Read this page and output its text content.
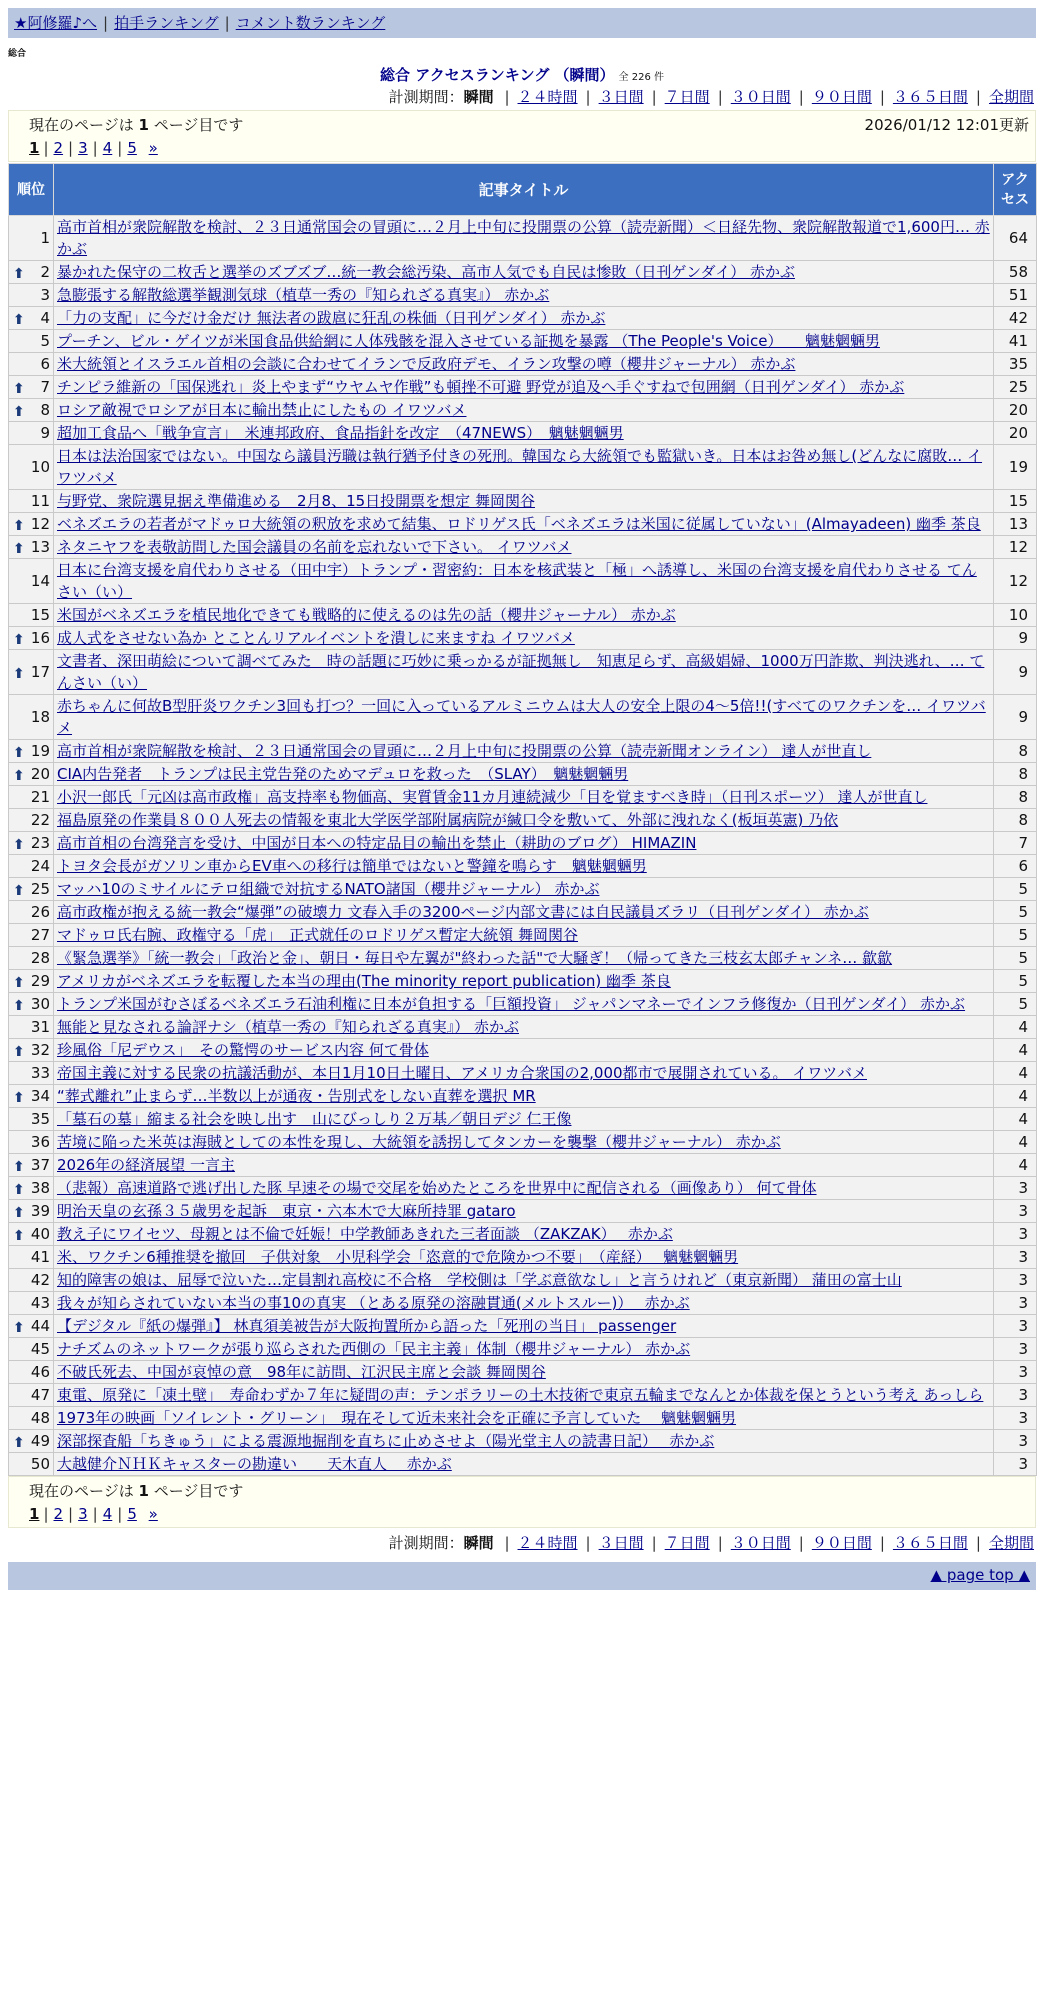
★阿修羅♪へ | 拍手ランキング | コメント数ランキング
総合
総合 アクセスランキング （瞬間） 全 226 件
計測期間：瞬間 | ２４時間 | ３日間 | ７日間 | ３０日間 | ９０日間 | ３６５日間 | 全期間
現在のページは 1 ページ目です	2026/01/12 12:01更新
1 | 2 | 3 | 4 | 5 »
順位	記事タイトル	アクセス
1	高市首相が衆院解散を検討、２３日通常国会の冒頭に…２月上中旬に投開票の公算（読売新聞）＜日経先物、衆院解散報道で1,600円… 赤かぶ	64

⬆ 2	暴かれた保守の二枚舌と選挙のズブズブ…統一教会総汚染、高市人気でも自民は惨敗（日刊ゲンダイ） 赤かぶ	58
3	急膨張する解散総選挙観測気球（植草一秀の『知られざる真実』） 赤かぶ	51

⬆ 4	「力の支配」に今だけ金だけ 無法者の跋扈に狂乱の株価（日刊ゲンダイ） 赤かぶ	42
5	プーチン、ビル・ゲイツが米国食品供給網に人体残骸を混入させている証拠を暴露 （The People's Voice）　　魑魅魍魎男	41
6	米大統領とイスラエル首相の会談に合わせてイランで反政府デモ、イラン攻撃の噂（櫻井ジャーナル） 赤かぶ	35

⬆ 7	チンピラ維新の「国保逃れ」炎上やまず“ウヤムヤ作戦”も頓挫不可避 野党が追及へ手ぐすねで包囲網（日刊ゲンダイ） 赤かぶ	25

⬆ 8	ロシア敵視でロシアが日本に輸出禁止にしたもの イワツバメ	20
9	超加工食品へ「戦争宣言」　米連邦政府、食品指針を改定　（47NEWS）　魑魅魍魎男	20
10	日本は法治国家ではない。中国なら議員汚職は執行猶予付きの死刑。韓国なら大統領でも監獄いき。日本はお咎め無し(どんなに腐敗… イワツバメ	19
11	与野党、衆院選見据え準備進める　2月8、15日投開票を想定 舞岡関谷	15

⬆ 12	ベネズエラの若者がマドゥロ大統領の釈放を求めて結集、ロドリゲス氏「ベネズエラは米国に従属していない」(Almayadeen) 幽季 茶良	13

⬆ 13	ネタニヤフを表敬訪問した国会議員の名前を忘れないで下さい。 イワツバメ	12
14	日本に台湾支援を肩代わりさせる（田中宇）トランプ・習密約：日本を核武装と「極」へ誘導し、米国の台湾支援を肩代わりさせる てんさい（い）	12
15	米国がベネズエラを植民地化できても戦略的に使えるのは先の話（櫻井ジャーナル） 赤かぶ	10

⬆ 16	成人式をさせない為か とことんリアルイベントを潰しに来ますね イワツバメ	9

⬆ 17	文書者、深田萌絵について調べてみた　時の話題に巧妙に乗っかるが証拠無し　知恵足らず、高級娼婦、1000万円詐欺、判決逃れ、… てんさい（い）	9
18	赤ちゃんに何故B型肝炎ワクチン3回も打つ？一回に入っているアルミニウムは大人の安全上限の4～5倍!!(すべてのワクチンを… イワツバメ	9

⬆ 19	高市首相が衆院解散を検討、２３日通常国会の冒頭に…２月上中旬に投開票の公算（読売新聞オンライン） 達人が世直し	8

⬆ 20	CIA内告発者　トランプは民主党告発のためマデュロを救った　（SLAY）　魑魅魍魎男	8
21	小沢一郎氏「元凶は高市政権」高支持率も物価高、実質賃金11カ月連続減少「目を覚ますべき時」（日刊スポーツ） 達人が世直し	8
22	福島原発の作業員８００人死去の情報を東北大学医学部附属病院が緘口令を敷いて、外部に洩れなく(板垣英憲) 乃依	8

⬆ 23	高市首相の台湾発言を受け、中国が日本への特定品目の輸出を禁止（耕助のブログ） HIMAZIN	7
24	トヨタ会長がガソリン車からEV車への移行は簡単ではないと警鐘を鳴らす　魑魅魍魎男	6

⬆ 25	マッハ10のミサイルにテロ組織で対抗するNATO諸国（櫻井ジャーナル） 赤かぶ	5
26	高市政権が抱える統一教会“爆弾”の破壊力 文春入手の3200ページ内部文書には自民議員ズラリ（日刊ゲンダイ） 赤かぶ	5
27	マドゥロ氏右腕、政権守る「虎」　正式就任のロドリゲス暫定大統領 舞岡関谷	5
28	《緊急選挙》「統一教会」「政治と金」、朝日・毎日や左翼が"終わった話"で大騒ぎ！（帰ってきた三枝玄太郎チャンネ… 歙歙	5

⬆ 29	アメリカがベネズエラを転覆した本当の理由(The minority report publication) 幽季 茶良	5

⬆ 30	トランプ米国がむさぼるベネズエラ石油利権に日本が負担する「巨額投資」 ジャパンマネーでインフラ修復か（日刊ゲンダイ） 赤かぶ	5
31	無能と見なされる論評ナシ（植草一秀の『知られざる真実』） 赤かぶ	4

⬆ 32	珍風俗「尼デウス」　その驚愕のサービス内容 何て骨体	4
33	帝国主義に対する民衆の抗議活動が、本日1月10日土曜日、アメリカ合衆国の2,000都市で展開されている。 イワツバメ	4

⬆ 34	“葬式離れ”止まらず…半数以上が通夜・告別式をしない直葬を選択 MR	4
35	「墓石の墓」縮まる社会を映し出す　山にびっしり２万基／朝日デジ 仁王像	4
36	苦境に陥った米英は海賊としての本性を現し、大統領を誘拐してタンカーを襲撃（櫻井ジャーナル） 赤かぶ	4

⬆ 37	2026年の経済展望 一言主	4

⬆ 38	（悲報）高速道路で逃げ出した豚 早速その場で交尾を始めたところを世界中に配信される（画像あり） 何て骨体	3

⬆ 39	明治天皇の玄孫３５歳男を起訴　東京・六本木で大麻所持罪 gataro	3

⬆ 40	教え子にワイセツ、母親とは不倫で妊娠！中学教師あきれた三者面談 （ZAKZAK）　 赤かぶ	3
41	米、ワクチン6種推奨を撤回　子供対象　小児科学会「恣意的で危険かつ不要」　（産経）　 魑魅魍魎男	3
42	知的障害の娘は、屈辱で泣いた…定員割れ高校に不合格　学校側は「学ぶ意欲なし」と言うけれど（東京新聞） 蒲田の富士山	3
43	我々が知らされていない本当の事10の真実 （とある原発の溶融貫通(メルトスルー)）　 赤かぶ	3

⬆ 44	【デジタル『紙の爆弾』】 林真須美被告が大阪拘置所から語った「死刑の当日」 passenger	3
45	ナチズムのネットワークが張り巡らされた西側の「民主主義」体制（櫻井ジャーナル） 赤かぶ	3
46	不破氏死去、中国が哀悼の意　98年に訪問、江沢民主席と会談 舞岡関谷	3
47	東電、原発に「凍土壁」　寿命わずか７年に疑問の声：テンポラリーの土木技術で東京五輪までなんとか体裁を保とうという考え あっしら	3
48	1973年の映画「ソイレント・グリーン」　現在そして近未来社会を正確に予言していた　 魑魅魍魎男	3

⬆ 49	深部探査船「ちきゅう」による震源地掘削を直ちに止めさせよ（陽光堂主人の読書日記）　 赤かぶ	3
50	大越健介ＮＨＫキャスターの勘違い　　天木直人　 赤かぶ	3
現在のページは 1 ページ目です
1 | 2 | 3 | 4 | 5 »
計測期間：瞬間 | ２４時間 | ３日間 | ７日間 | ３０日間 | ９０日間 | ３６５日間 | 全期間
▲ page top ▲
